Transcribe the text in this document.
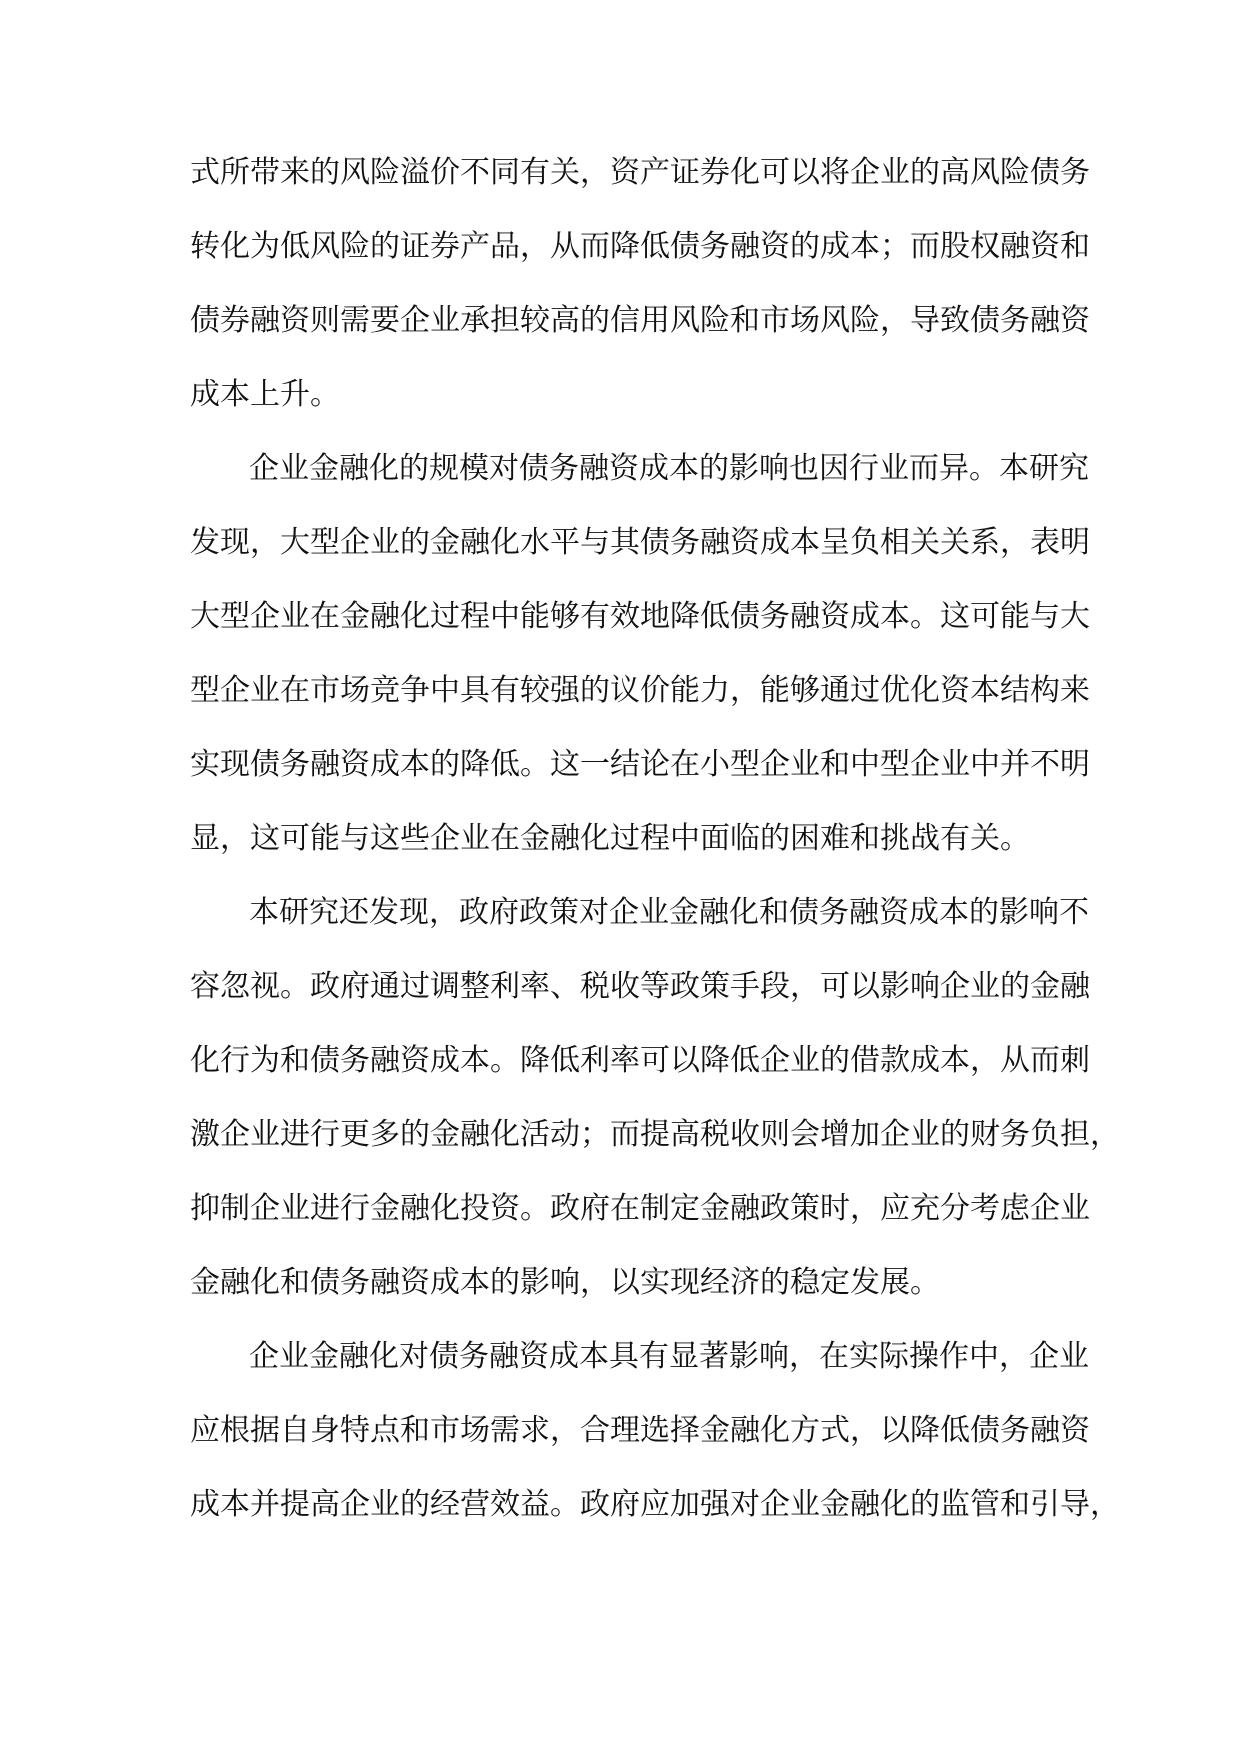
式所带来的风险溢价不同有关，资产证券化可以将企业的高风险债务
转化为低风险的证券产品，从而降低债务融资的成本；而股权融资和
债券融资则需要企业承担较高的信用风险和市场风险，导致债务融资
成本上升。
企业金融化的规模对债务融资成本的影响也因行业而异。本研究
发现，大型企业的金融化水平与其债务融资成本呈负相关关系，表明
大型企业在金融化过程中能够有效地降低债务融资成本。这可能与大
型企业在市场竞争中具有较强的议价能力，能够通过优化资本结构来
实现债务融资成本的降低。这一结论在小型企业和中型企业中并不明
显，这可能与这些企业在金融化过程中面临的困难和挑战有关。
本研究还发现，政府政策对企业金融化和债务融资成本的影响不
容忽视。政府通过调整利率、税收等政策手段，可以影响企业的金融
化行为和债务融资成本。降低利率可以降低企业的借款成本，从而刺
激企业进行更多的金融化活动；而提高税收则会增加企业的财务负担，
抑制企业进行金融化投资。政府在制定金融政策时，应充分考虑企业
金融化和债务融资成本的影响，以实现经济的稳定发展。
企业金融化对债务融资成本具有显著影响，在实际操作中，企业
应根据自身特点和市场需求，合理选择金融化方式，以降低债务融资
成本并提高企业的经营效益。政府应加强对企业金融化的监管和引导，
